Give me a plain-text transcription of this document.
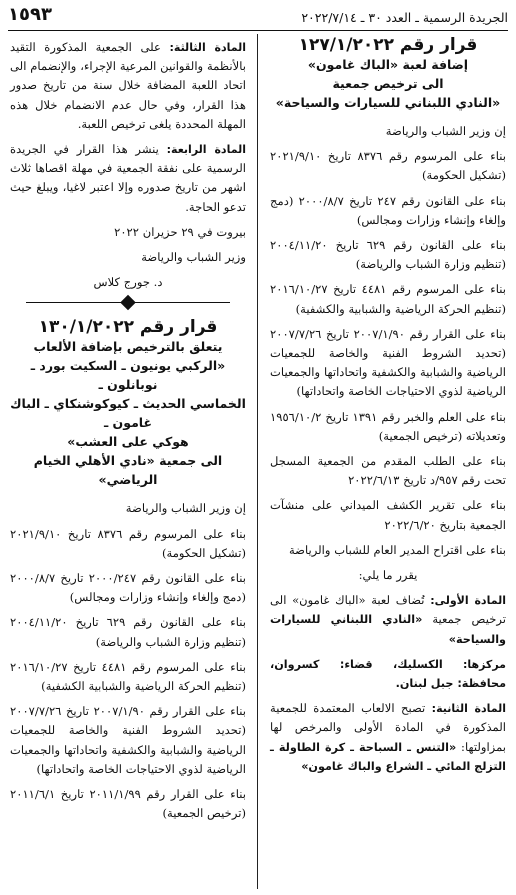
الجريدة الرسمية ـ العدد ٣٠ ـ ٢٠٢٢/٧/١٤
١٥٩٣
قرار رقم ١٢٧/١/٢٠٢٢
إضافة لعبة «الباك غامون»
الى ترخيص جمعية
«النادي اللبناني للسيارات والسياحة»

إن وزير الشباب والرياضة

بناء على المرسوم رقم ٨٣٧٦ تاريخ ٢٠٢١/٩/١٠ (تشكيل الحكومة)

بناء على القانون رقم ٢٤٧ تاريخ ٢٠٠٠/٨/٧ (دمج وإلغاء وإنشاء وزارات ومجالس)

بناء على القانون رقم ٦٢٩ تاريخ ٢٠٠٤/١١/٢٠ (تنظيم وزارة الشباب والرياضة)

بناء على المرسوم رقم ٤٤٨١ تاريخ ٢٠١٦/١٠/٢٧ (تنظيم الحركة الرياضية والشبابية والكشفية)

بناء على القرار رقم ٢٠٠٧/١/٩٠ تاريخ ٢٠٠٧/٧/٢٦ (تحديد الشروط الفنية والخاصة للجمعيات الرياضية والشبابية والكشفية واتحاداتها والجمعيات الرياضية لذوي الاحتياجات الخاصة واتحاداتها)

بناء على العلم والخبر رقم ١٣٩١ تاريخ ١٩٥٦/١٠/٢ وتعديلاته (ترخيص الجمعية)

بناء على الطلب المقدم من الجمعية المسجل تحت رقم ٩٥٧/د تاريخ ٢٠٢٢/٦/١٣

بناء على تقرير الكشف الميداني على منشآت الجمعية بتاريخ ٢٠٢٢/٦/٢٠

بناء على اقتراح المدير العام للشباب والرياضة

يقرر ما يلي:

المادة الأولى: تُضاف لعبة «الباك غامون» الى ترخيص جمعية «النادي اللبناني للسيارات والسياحة»

مركزها: الكسليك، قضاء: كسروان، محافظة: جبل لبنان.

المادة الثانية: تصبح الالعاب المعتمدة للجمعية المذكورة في المادة الأولى والمرخص لها بمزاولتها: «التنس ـ السباحة ـ كرة الطاولة ـ التزلج المائي ـ الشراع والباك غامون»

المادة الثالثة: على الجمعية المذكورة التقيد بالأنظمة والقوانين المرعية الإجراء، والإنضمام الى اتحاد اللعبة المضافة خلال سنة من تاريخ صدور هذا القرار، وفي حال عدم الانضمام خلال هذه المهلة المحددة يلغى ترخيص اللعبة.

المادة الرابعة: ينشر هذا القرار في الجريدة الرسمية على نفقة الجمعية في مهلة اقصاها ثلاث اشهر من تاريخ صدوره وإلا اعتبر لاغيا، ويبلغ حيث تدعو الحاجة.

بيروت في ٢٩ حزيران ٢٠٢٢

وزير الشباب والرياضة

د. جورج كلاس

قرار رقم ١٣٠/١/٢٠٢٢
يتعلق بالترخيص بإضافة الألعاب
«الركبي يونيون ـ السكيت بورد ـ نوبانلون ـ
الخماسي الحديث ـ كيوكوشنكاي ـ الباك غامون ـ
هوكي على العشب»
الى جمعية «نادي الأهلي الخيام الرياضي»

إن وزير الشباب والرياضة

بناء على المرسوم رقم ٨٣٧٦ تاريخ ٢٠٢١/٩/١٠ (تشكيل الحكومة)

بناء على القانون رقم ٢٠٠٠/٢٤٧ تاريخ ٢٠٠٠/٨/٧ (دمج وإلغاء وإنشاء وزارات ومجالس)

بناء على القانون رقم ٦٢٩ تاريخ ٢٠٠٤/١١/٢٠ (تنظيم وزارة الشباب والرياضة)

بناء على المرسوم رقم ٤٤٨١ تاريخ ٢٠١٦/١٠/٢٧ (تنظيم الحركة الرياضية والشبابية الكشفية)

بناء على القرار رقم ٢٠٠٧/١/٩٠ تاريخ ٢٠٠٧/٧/٢٦ (تحديد الشروط الفنية والخاصة للجمعيات الرياضية والشبابية والكشفية واتحاداتها والجمعيات الرياضية لذوي الاحتياجات الخاصة واتحاداتها)

بناء على القرار رقم ٢٠١١/١/٩٩ تاريخ ٢٠١١/٦/١ (ترخيص الجمعية)
